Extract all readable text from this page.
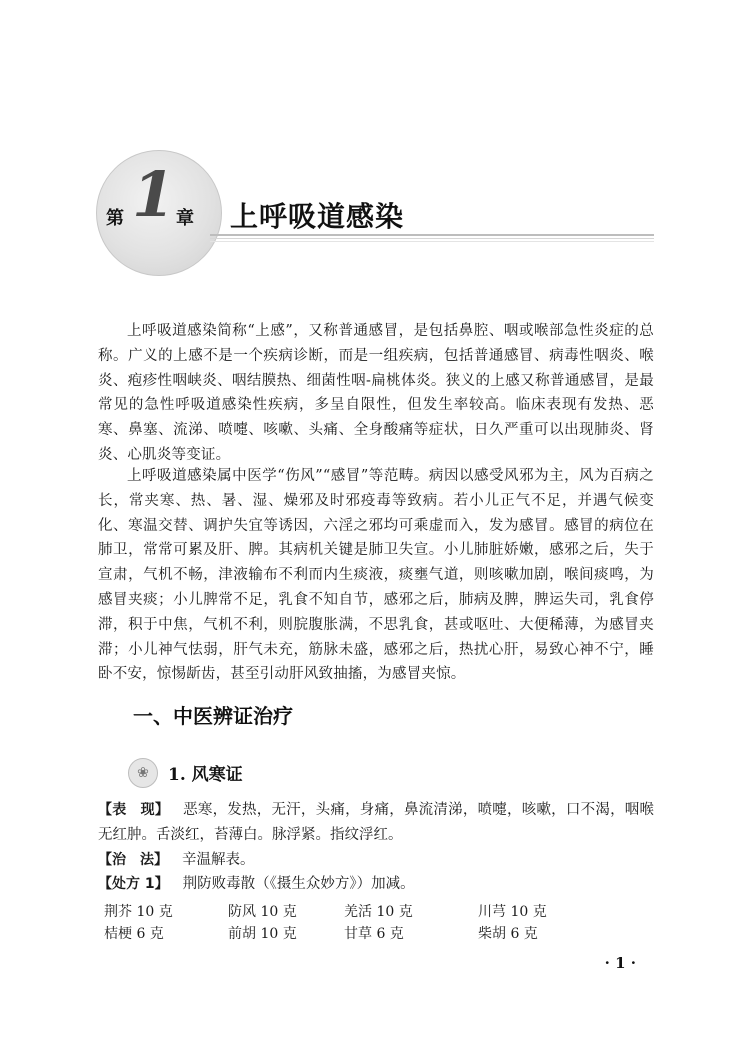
第 1 章 上呼吸道感染

上呼吸道感染简称“上感”，又称普通感冒，是包括鼻腔、咽或喉部急性炎症的总称。广义的上感不是一个疾病诊断，而是一组疾病，包括普通感冒、病毒性咽炎、喉炎、疱疹性咽峡炎、咽结膜热、细菌性咽-扁桃体炎。狭义的上感又称普通感冒，是最常见的急性呼吸道感染性疾病，多呈自限性，但发生率较高。临床表现有发热、恶寒、鼻塞、流涕、喷嚏、咳嗽、头痛、全身酸痛等症状，日久严重可以出现肺炎、肾炎、心肌炎等变证。

上呼吸道感染属中医学“伤风”“感冒”等范畴。病因以感受风邪为主，风为百病之长，常夹寒、热、暑、湿、燥邪及时邪疫毒等致病。若小儿正气不足，并遇气候变化、寒温交替、调护失宜等诱因，六淫之邪均可乘虚而入，发为感冒。感冒的病位在肺卫，常常可累及肝、脾。其病机关键是肺卫失宣。小儿肺脏娇嫩，感邪之后，失于宣肃，气机不畅，津液输布不利而内生痰液，痰壅气道，则咳嗽加剧，喉间痰鸣，为感冒夹痰；小儿脾常不足，乳食不知自节，感邪之后，肺病及脾，脾运失司，乳食停滞，积于中焦，气机不利，则脘腹胀满，不思乳食，甚或呕吐、大便稀薄，为感冒夹滞；小儿神气怯弱，肝气未充，筋脉未盛，感邪之后，热扰心肝，易致心神不宁，睡卧不安，惊惕龂齿，甚至引动肝风致抽搐，为感冒夹惊。

一、中医辨证治疗
❀	1. 风寒证

【表　现】 恶寒，发热，无汗，头痛，身痛，鼻流清涕，喷嚏，咳嗽，口不渴，咽喉无红肿。舌淡红，苔薄白。脉浮紧。指纹浮红。

【治　法】 辛温解表。

【处方 1】 荆防败毒散（《摄生众妙方》）加减。

荆芥 10 克	防风 10 克	羌活 10 克	川芎 10 克
桔梗 6 克	前胡 10 克	甘草 6 克	柴胡 6 克
· 1 ·
